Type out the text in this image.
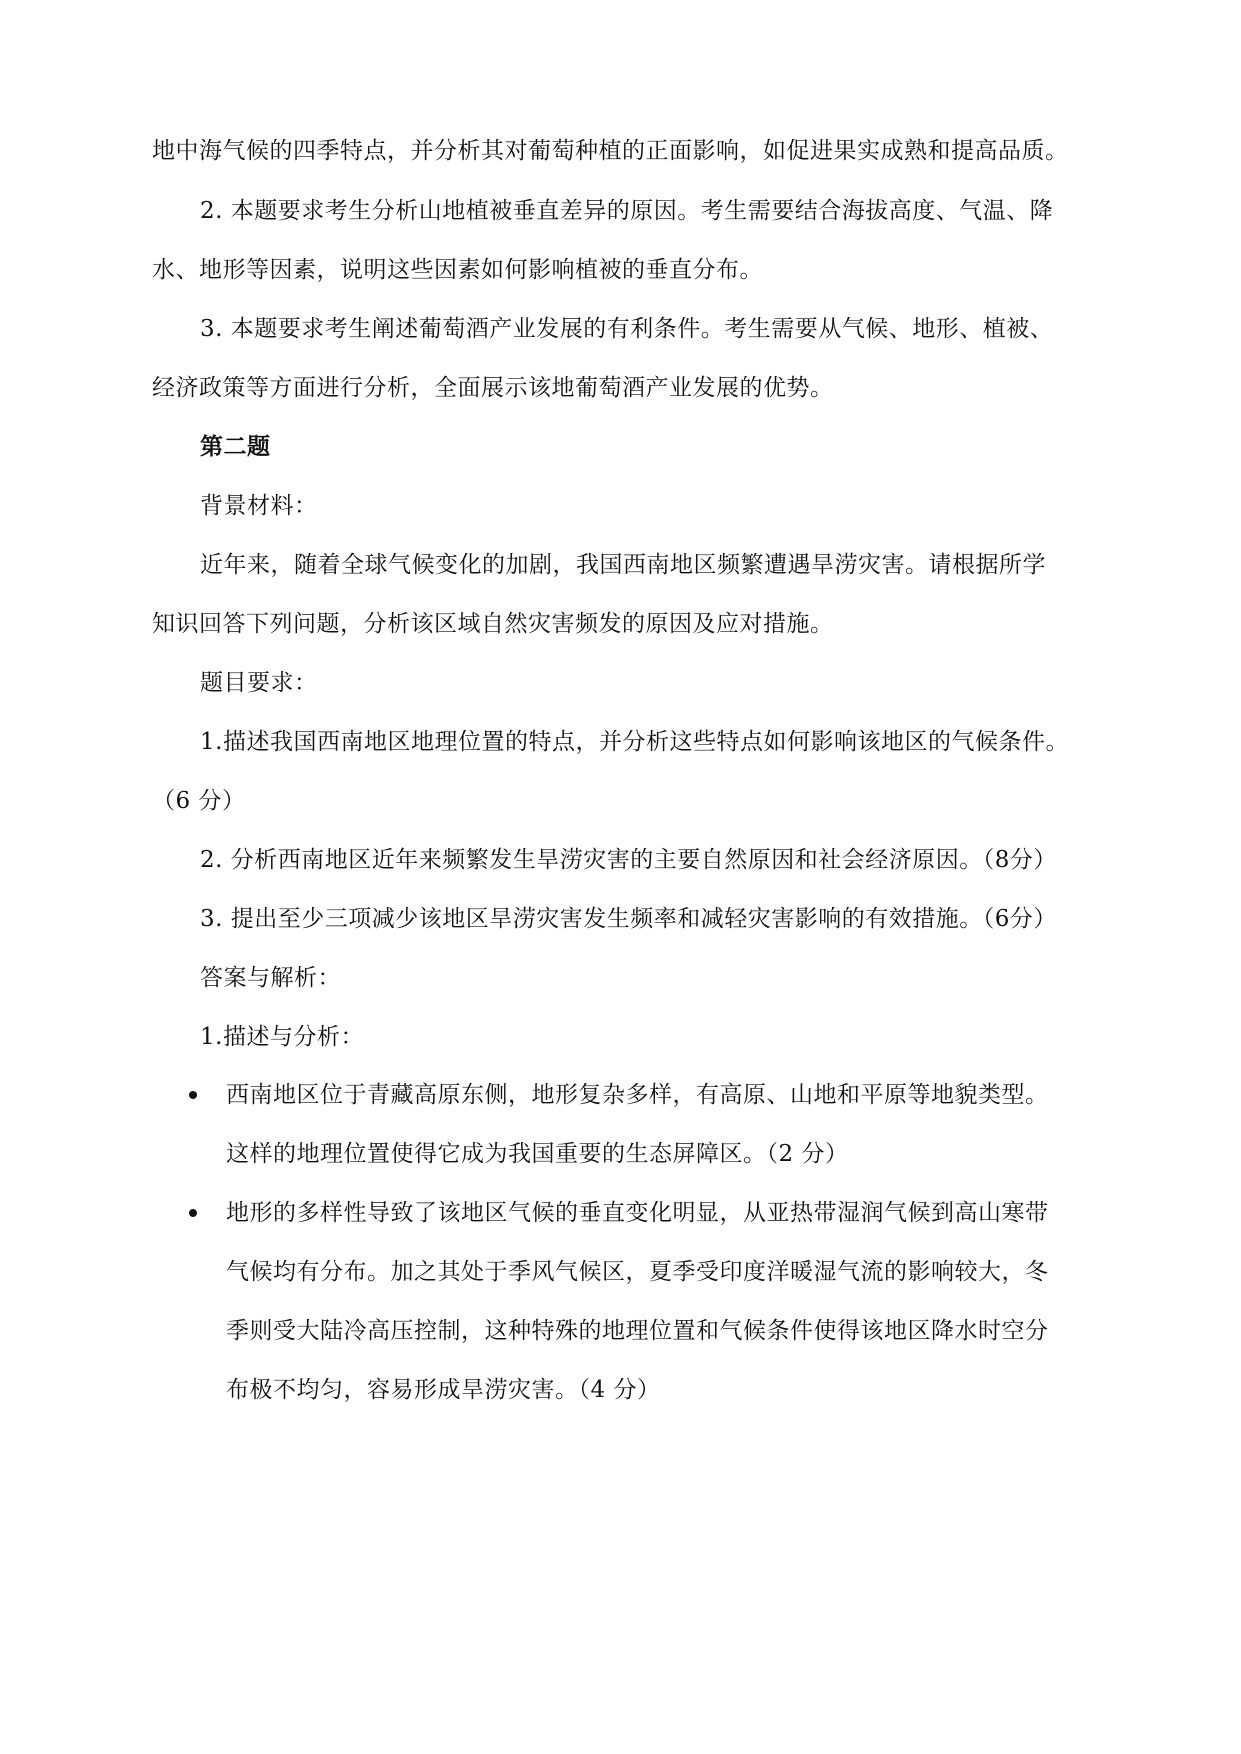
地中海气候的四季特点，并分析其对葡萄种植的正面影响，如促进果实成熟和提高品质。
2. 本题要求考生分析山地植被垂直差异的原因。考生需要结合海拔高度、气温、降
水、地形等因素，说明这些因素如何影响植被的垂直分布。
3. 本题要求考生阐述葡萄酒产业发展的有利条件。考生需要从气候、地形、植被、
经济政策等方面进行分析，全面展示该地葡萄酒产业发展的优势。
第二题
背景材料：
近年来，随着全球气候变化的加剧，我国西南地区频繁遭遇旱涝灾害。请根据所学
知识回答下列问题，分析该区域自然灾害频发的原因及应对措施。
题目要求：
1.描述我国西南地区地理位置的特点，并分析这些特点如何影响该地区的气候条件。
（6 分）
2. 分析西南地区近年来频繁发生旱涝灾害的主要自然原因和社会经济原因。（8分）
3. 提出至少三项减少该地区旱涝灾害发生频率和减轻灾害影响的有效措施。（6分）
答案与解析：
1.描述与分析：
西南地区位于青藏高原东侧，地形复杂多样，有高原、山地和平原等地貌类型。
这样的地理位置使得它成为我国重要的生态屏障区。（2 分）
地形的多样性导致了该地区气候的垂直变化明显，从亚热带湿润气候到高山寒带
气候均有分布。加之其处于季风气候区，夏季受印度洋暖湿气流的影响较大，冬
季则受大陆冷高压控制，这种特殊的地理位置和气候条件使得该地区降水时空分
布极不均匀，容易形成旱涝灾害。（4 分）
